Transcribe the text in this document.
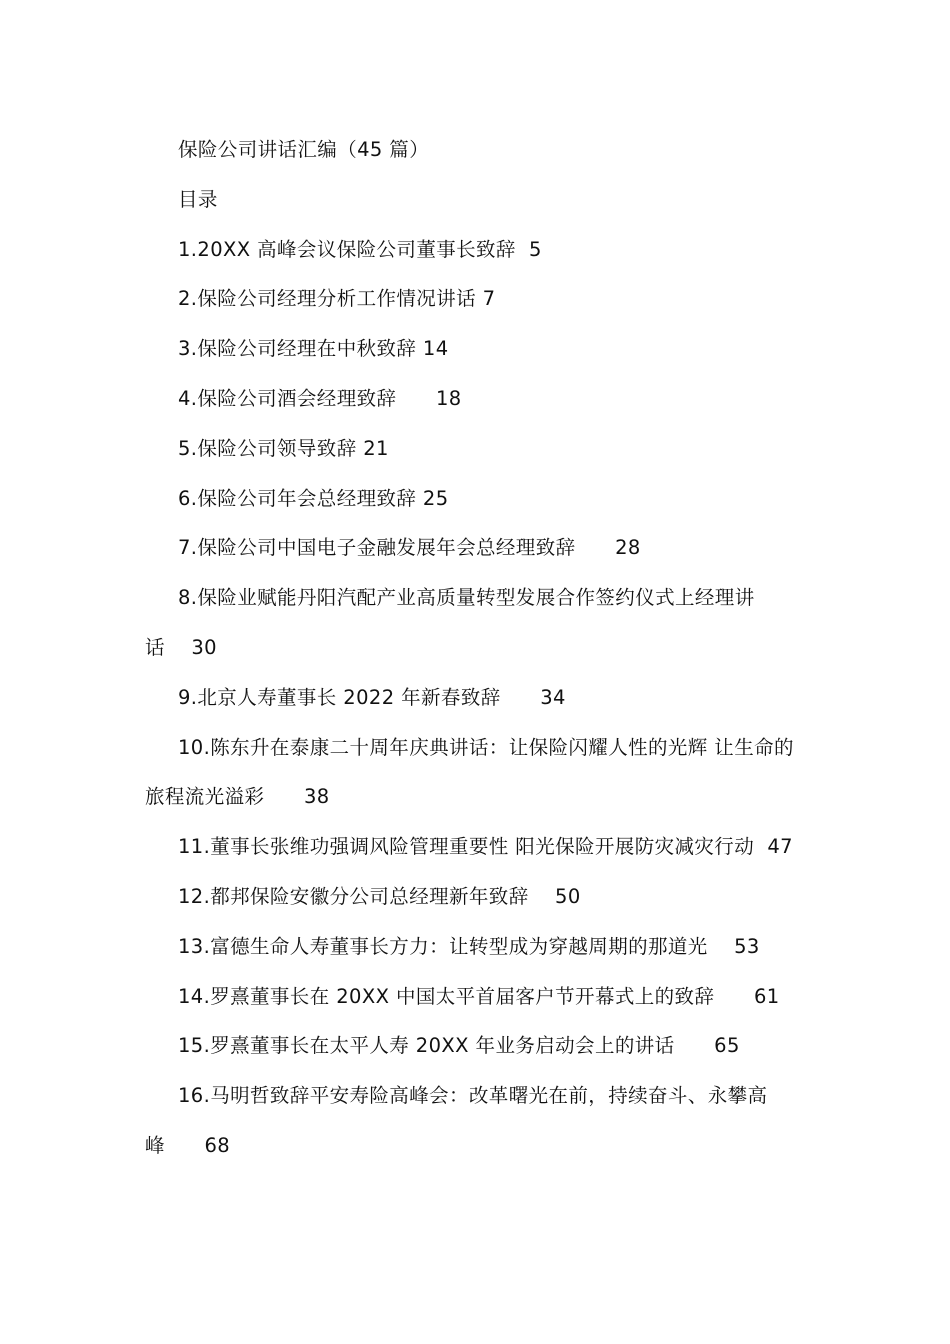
保险公司讲话汇编（45 篇）

目录

1.20XX 高峰会议保险公司董事长致辞 5

2.保险公司经理分析工作情况讲话 7

3.保险公司经理在中秋致辞 14

4.保险公司酒会经理致辞 18

5.保险公司领导致辞 21

6.保险公司年会总经理致辞 25

7.保险公司中国电子金融发展年会总经理致辞 28

8.保险业赋能丹阳汽配产业高质量转型发展合作签约仪式上经理讲话 30

9.北京人寿董事长 2022 年新春致辞 34

10.陈东升在泰康二十周年庆典讲话：让保险闪耀人性的光辉 让生命的旅程流光溢彩 38

11.董事长张维功强调风险管理重要性 阳光保险开展防灾减灾行动 47

12.都邦保险安徽分公司总经理新年致辞 50

13.富德生命人寿董事长方力：让转型成为穿越周期的那道光 53

14.罗熹董事长在 20XX 中国太平首届客户节开幕式上的致辞 61

15.罗熹董事长在太平人寿 20XX 年业务启动会上的讲话 65

16.马明哲致辞平安寿险高峰会：改革曙光在前，持续奋斗、永攀高峰 68
